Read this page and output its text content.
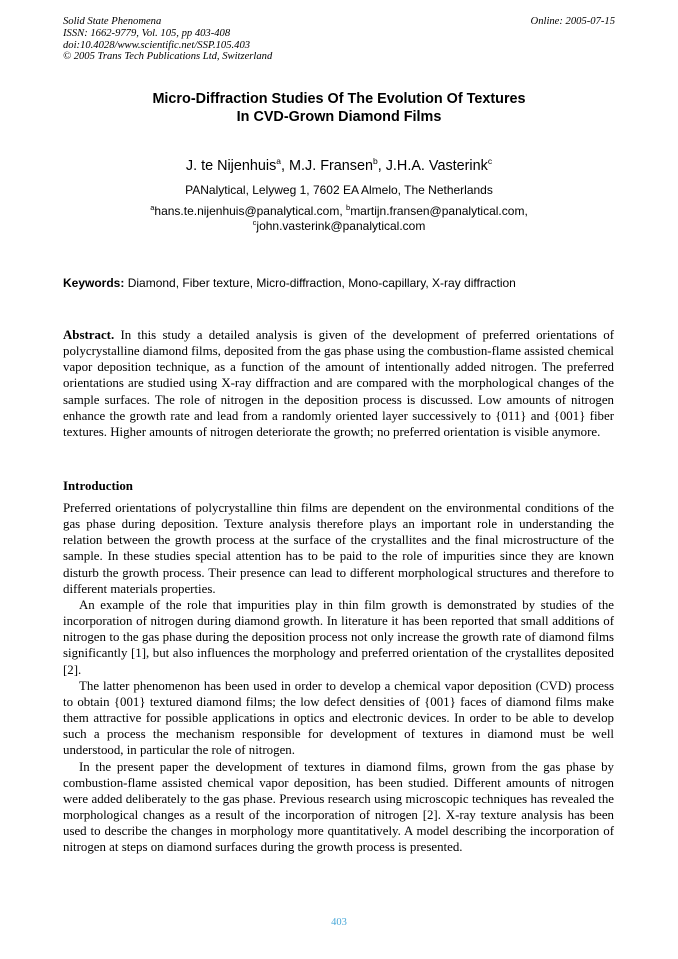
Solid State Phenomena
ISSN: 1662-9779, Vol. 105, pp 403-408
doi:10.4028/www.scientific.net/SSP.105.403
© 2005 Trans Tech Publications Ltd, Switzerland
Online: 2005-07-15
Micro-Diffraction Studies Of The Evolution Of Textures
In CVD-Grown Diamond Films
J. te Nijenhuis$^a$, M.J. Fransen$^b$, J.H.A. Vasterink$^c$
PANalytical, Lelyweg 1, 7602 EA Almelo, The Netherlands
$^a$hans.te.nijenhuis@panalytical.com, $^b$martijn.fransen@panalytical.com,
$^c$john.vasterink@panalytical.com
Keywords: Diamond, Fiber texture, Micro-diffraction, Mono-capillary, X-ray diffraction
Abstract. In this study a detailed analysis is given of the development of preferred orientations of polycrystalline diamond films, deposited from the gas phase using the combustion-flame assisted chemical vapor deposition technique, as a function of the amount of intentionally added nitrogen. The preferred orientations are studied using X-ray diffraction and are compared with the morphological changes of the sample surfaces. The role of nitrogen in the deposition process is discussed. Low amounts of nitrogen enhance the growth rate and lead from a randomly oriented layer successively to {011} and {001} fiber textures. Higher amounts of nitrogen deteriorate the growth; no preferred orientation is visible anymore.
Introduction

Preferred orientations of polycrystalline thin films are dependent on the environmental conditions of the gas phase during deposition. Texture analysis therefore plays an important role in understanding the relation between the growth process at the surface of the crystallites and the final microstructure of the sample. In these studies special attention has to be paid to the role of impurities since they are known disturb the growth process. Their presence can lead to different morphological structures and therefore to different materials properties.

An example of the role that impurities play in thin film growth is demonstrated by studies of the incorporation of nitrogen during diamond growth. In literature it has been reported that small additions of nitrogen to the gas phase during the deposition process not only increase the growth rate of diamond films significantly [1], but also influences the morphology and preferred orientation of the crystallites deposited [2].

The latter phenomenon has been used in order to develop a chemical vapor deposition (CVD) process to obtain {001} textured diamond films; the low defect densities of {001} faces of diamond films make them attractive for possible applications in optics and electronic devices. In order to be able to develop such a process the mechanism responsible for development of textures in diamond must be well understood, in particular the role of nitrogen.

In the present paper the development of textures in diamond films, grown from the gas phase by combustion-flame assisted chemical vapor deposition, has been studied. Different amounts of nitrogen were added deliberately to the gas phase. Previous research using microscopic techniques has revealed the morphological changes as a result of the incorporation of nitrogen [2]. X-ray texture analysis has been used to describe the changes in morphology more quantitatively. A model describing the incorporation of nitrogen at steps on diamond surfaces during the growth process is presented.

403
